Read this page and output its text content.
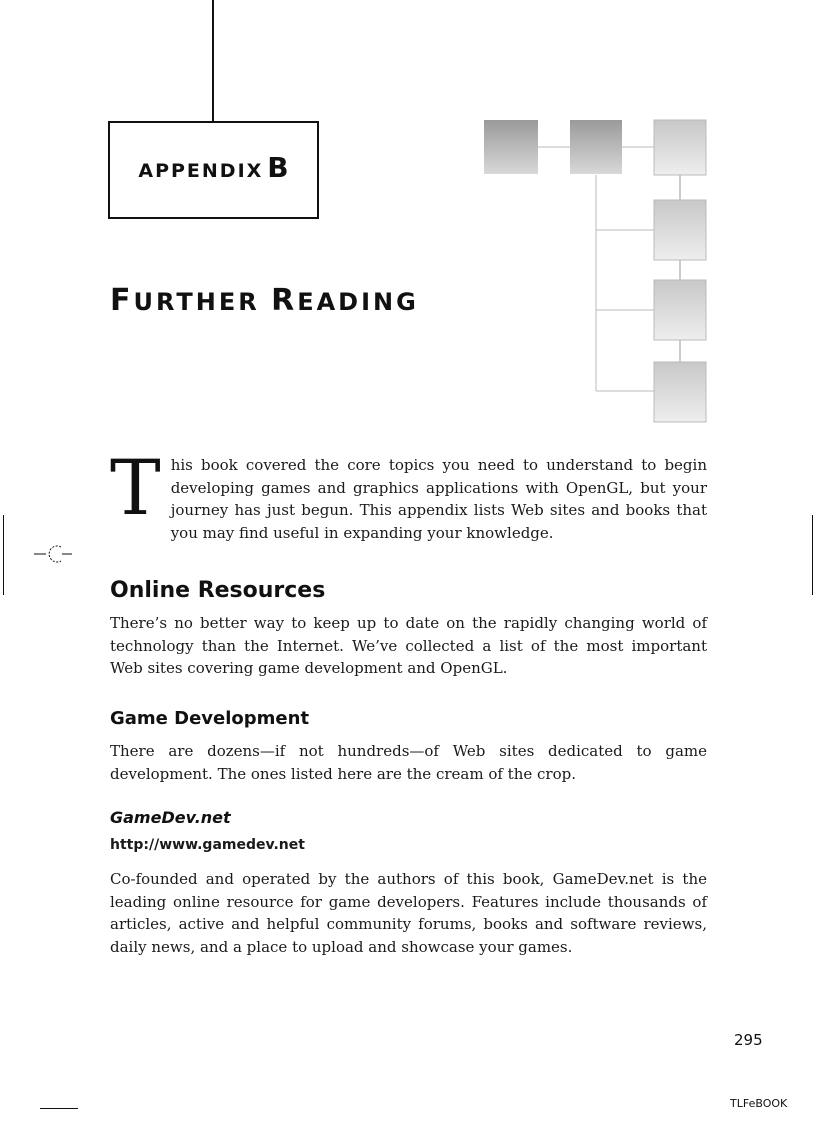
APPENDIX B
FURTHER READING

This book covered the core topics you need to understand to begin developing games and graphics applications with OpenGL, but your journey has just begun. This appendix lists Web sites and books that you may find useful in expanding your knowledge.

Online Resources

There’s no better way to keep up to date on the rapidly changing world of technology than the Internet. We’ve collected a list of the most important Web sites covering game development and OpenGL.

Game Development

There are dozens—if not hundreds—of Web sites dedicated to game development. The ones listed here are the cream of the crop.

GameDev.net

http://www.gamedev.net

Co-founded and operated by the authors of this book, GameDev.net is the leading online resource for game developers. Features include thousands of articles, active and helpful community forums, books and software reviews, daily news, and a place to upload and showcase your games.

295
TLFeBOOK
